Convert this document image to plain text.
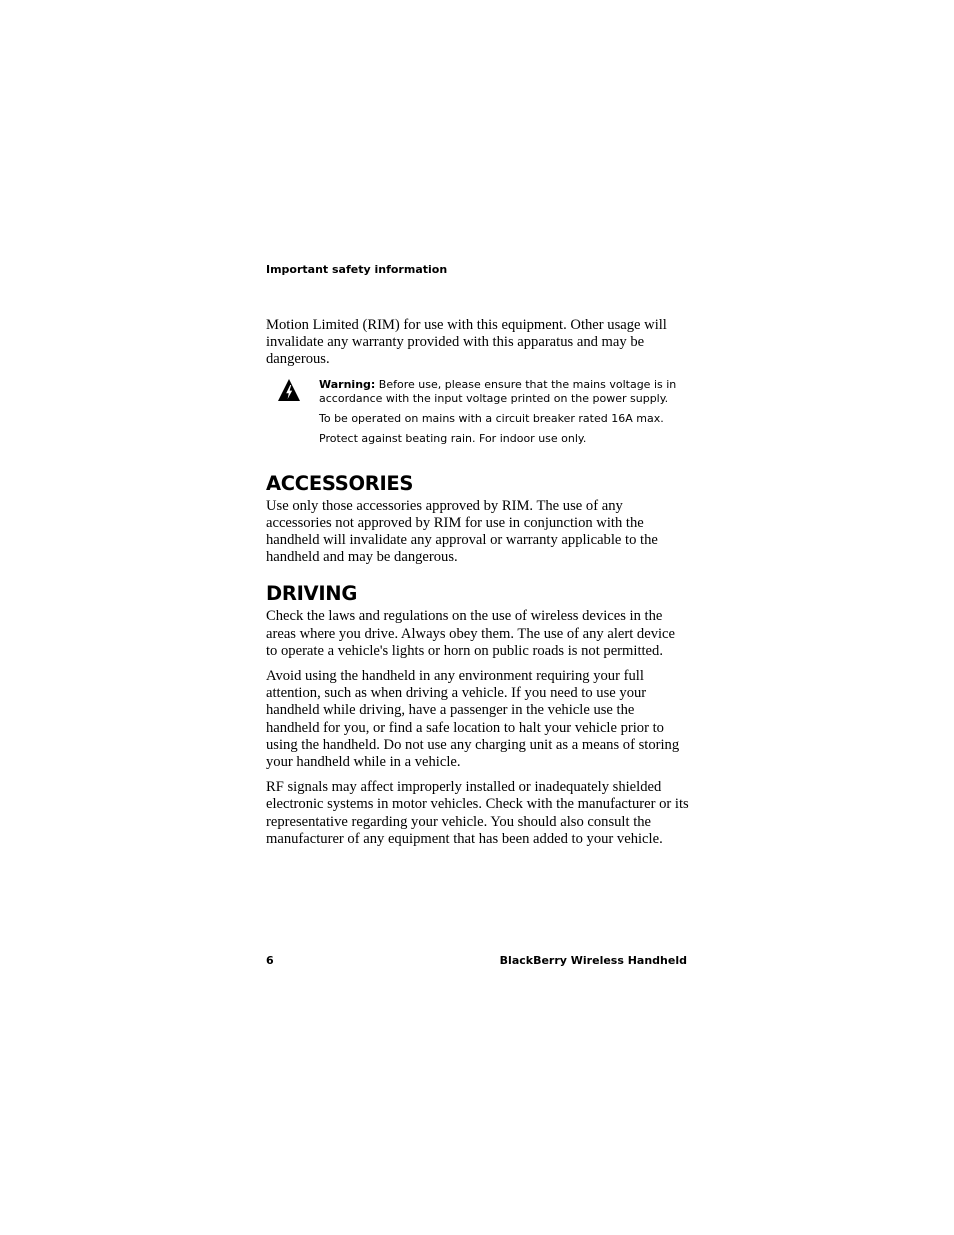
Important safety information

Motion Limited (RIM) for use with this equipment. Other usage will invalidate any warranty provided with this apparatus and may be dangerous.

Warning: Before use, please ensure that the mains voltage is in accordance with the input voltage printed on the power supply.

To be operated on mains with a circuit breaker rated 16A max.

Protect against beating rain. For indoor use only.

ACCESSORIES

Use only those accessories approved by RIM. The use of any accessories not approved by RIM for use in conjunction with the handheld will invalidate any approval or warranty applicable to the handheld and may be dangerous.

DRIVING

Check the laws and regulations on the use of wireless devices in the areas where you drive. Always obey them. The use of any alert device to operate a vehicle's lights or horn on public roads is not permitted.

Avoid using the handheld in any environment requiring your full attention, such as when driving a vehicle. If you need to use your handheld while driving, have a passenger in the vehicle use the handheld for you, or find a safe location to halt your vehicle prior to using the handheld. Do not use any charging unit as a means of storing your handheld while in a vehicle.

RF signals may affect improperly installed or inadequately shielded electronic systems in motor vehicles. Check with the manufacturer or its representative regarding your vehicle. You should also consult the manufacturer of any equipment that has been added to your vehicle.

6	BlackBerry Wireless Handheld
